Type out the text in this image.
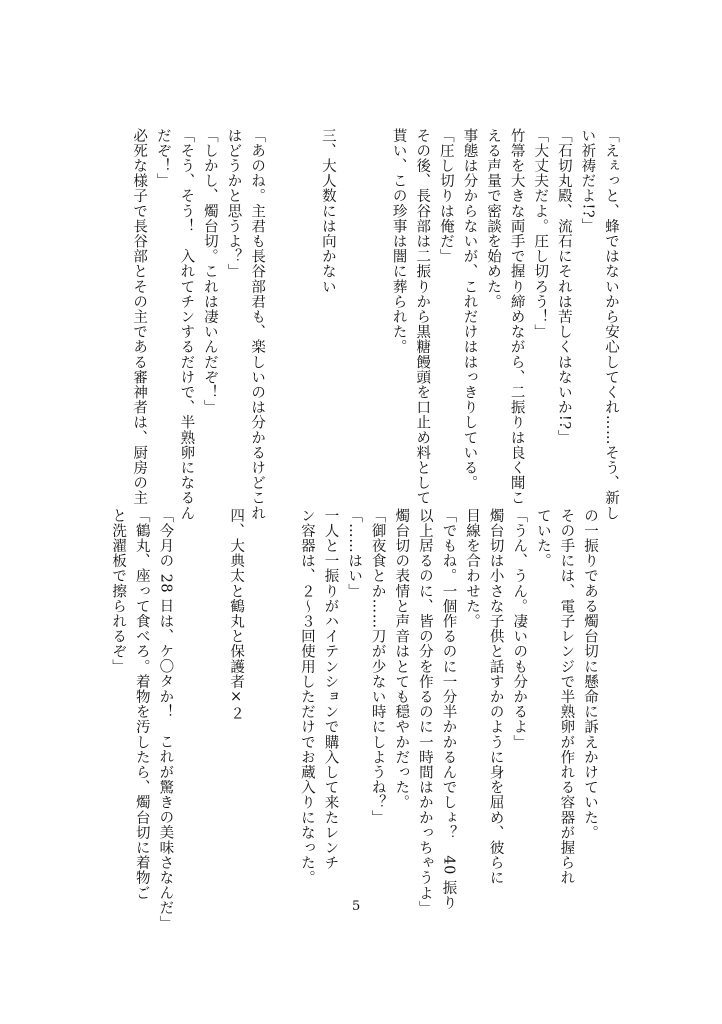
「えぇっと、蜂ではないから安心してくれ……そう、新し
い祈祷だよ!?」
「石切丸殿、流石にそれは苦しくはないか!?」
「大丈夫だよ。圧し切ろう！」
竹箒を大きな両手で握り締めながら、二振りは良く聞こ
える声量で密談を始めた。
事態は分からないが、これだけははっきりしている。
「圧し切りは俺だ」
その後、長谷部は二振りから黒糖饅頭を口止め料として
貰い、この珍事は闇に葬られた。

三、大人数には向かない

「あのね。主君も長谷部君も、楽しいのは分かるけどこれ
はどうかと思うよ？」
「しかし、燭台切。これは凄いんだぞ！」
「そう、そう！　入れてチンするだけで、半熟卵になるん
だぞ！」
必死な様子で長谷部とその主である審神者は、厨房の主
の一振りである燭台切に懸命に訴えかけていた。
その手には、電子レンジで半熟卵が作れる容器が握られ
ていた。
「うん、うん。凄いのも分かるよ」
燭台切は小さな子供と話すかのように身を屈め、彼らに
目線を合わせた。
「でもね。一個作るのに一分半かかるんでしょ？　40 振り
以上居るのに、皆の分を作るのに一時間はかかっちゃうよ」
燭台切の表情と声音はとても穏やかだった。
「御夜食とか……刀が少ない時にしようね？」
「……はい」
一人と一振りがハイテンションで購入して来たレンチ
ン容器は、２～３回使用しただけでお蔵入りになった。

四、大典太と鶴丸と保護者×２

「今月の 28 日は、ケ〇タか！　これが驚きの美味さなんだ」
「鶴丸、座って食べろ。着物を汚したら、燭台切に着物ご
と洗濯板で擦られるぞ」
5
